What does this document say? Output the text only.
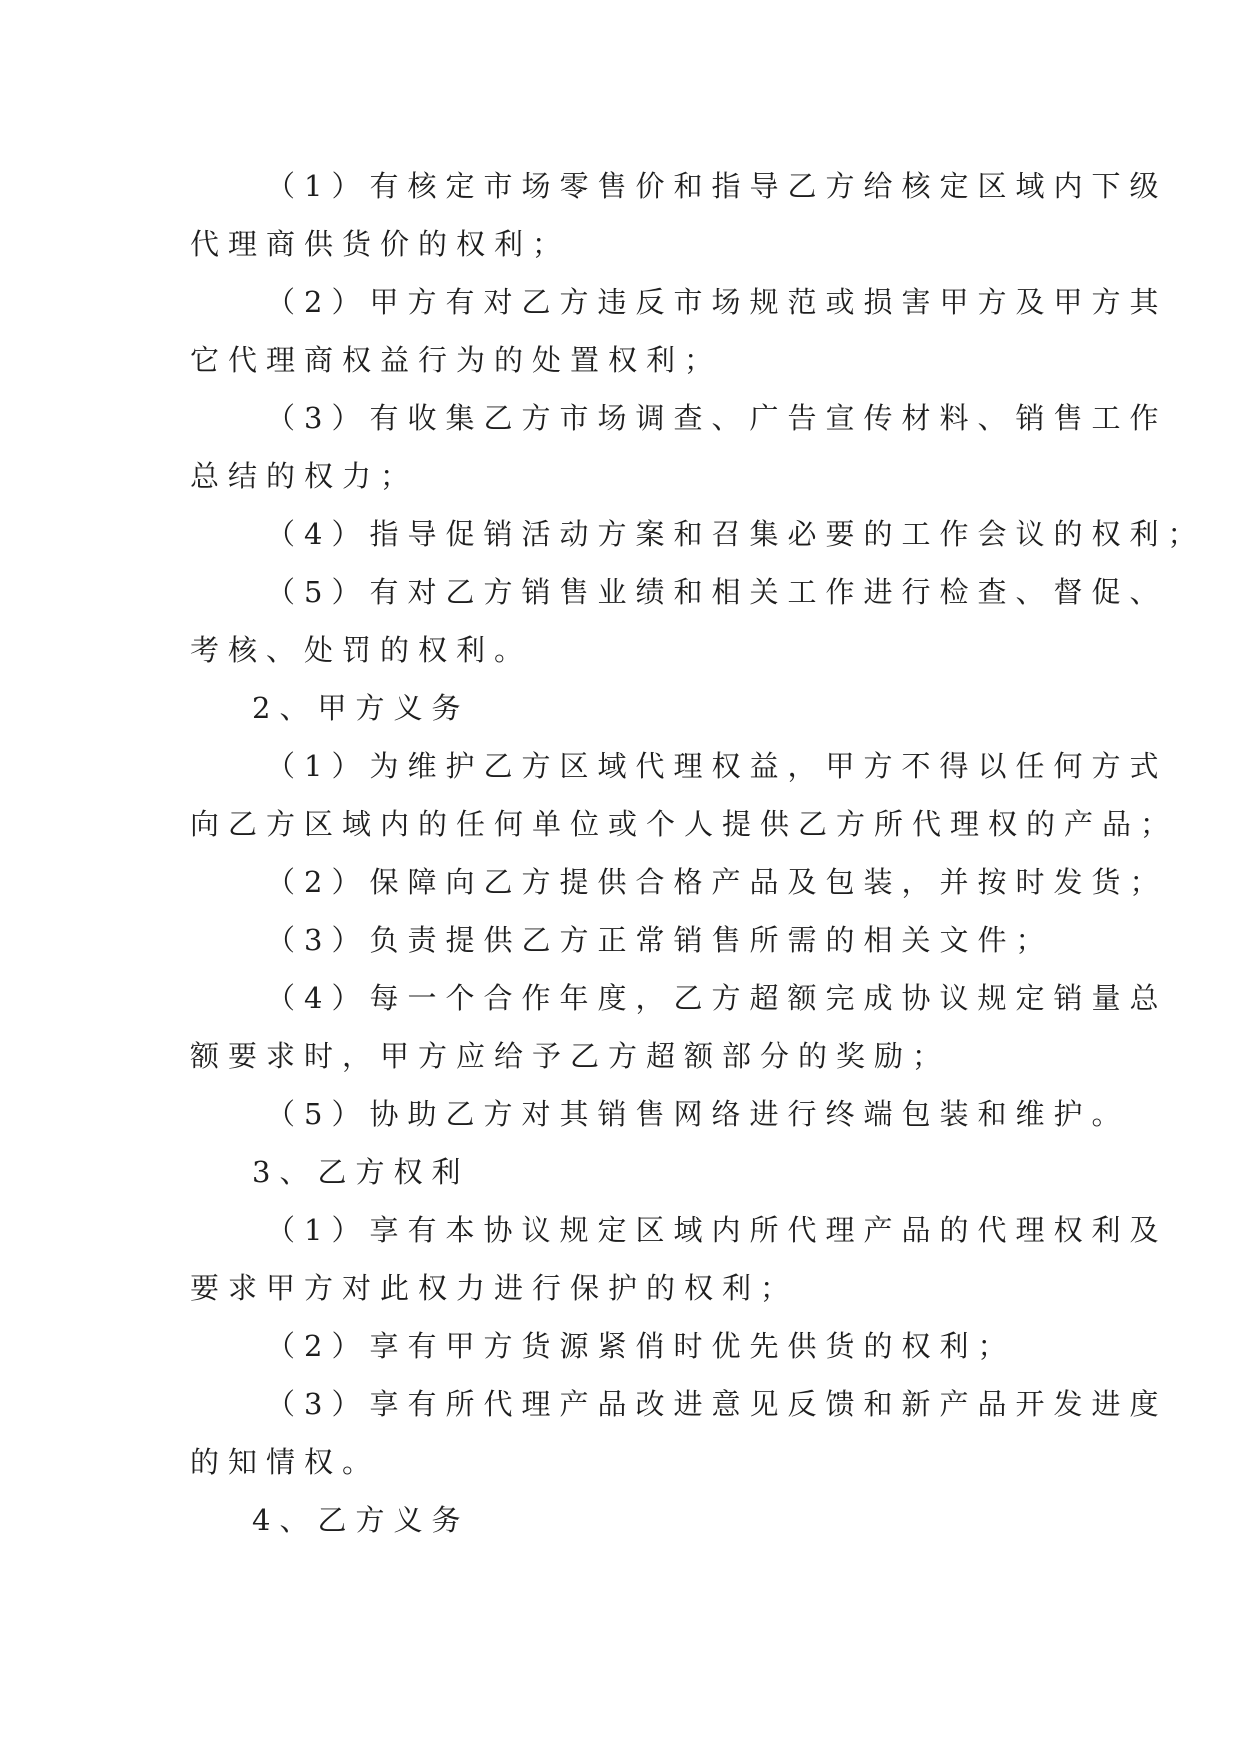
（1）有核定市场零售价和指导乙方给核定区域内下级
代理商供货价的权利；
（2）甲方有对乙方违反市场规范或损害甲方及甲方其
它代理商权益行为的处置权利；
（3）有收集乙方市场调查、广告宣传材料、销售工作
总结的权力；
（4）指导促销活动方案和召集必要的工作会议的权利；
（5）有对乙方销售业绩和相关工作进行检查、督促、
考核、处罚的权利。
2、甲方义务
（1）为维护乙方区域代理权益，甲方不得以任何方式
向乙方区域内的任何单位或个人提供乙方所代理权的产品；
（2）保障向乙方提供合格产品及包装，并按时发货；
（3）负责提供乙方正常销售所需的相关文件；
（4）每一个合作年度，乙方超额完成协议规定销量总
额要求时，甲方应给予乙方超额部分的奖励；
（5）协助乙方对其销售网络进行终端包装和维护。
3、乙方权利
（1）享有本协议规定区域内所代理产品的代理权利及
要求甲方对此权力进行保护的权利；
（2）享有甲方货源紧俏时优先供货的权利；
（3）享有所代理产品改进意见反馈和新产品开发进度
的知情权。
4、乙方义务
